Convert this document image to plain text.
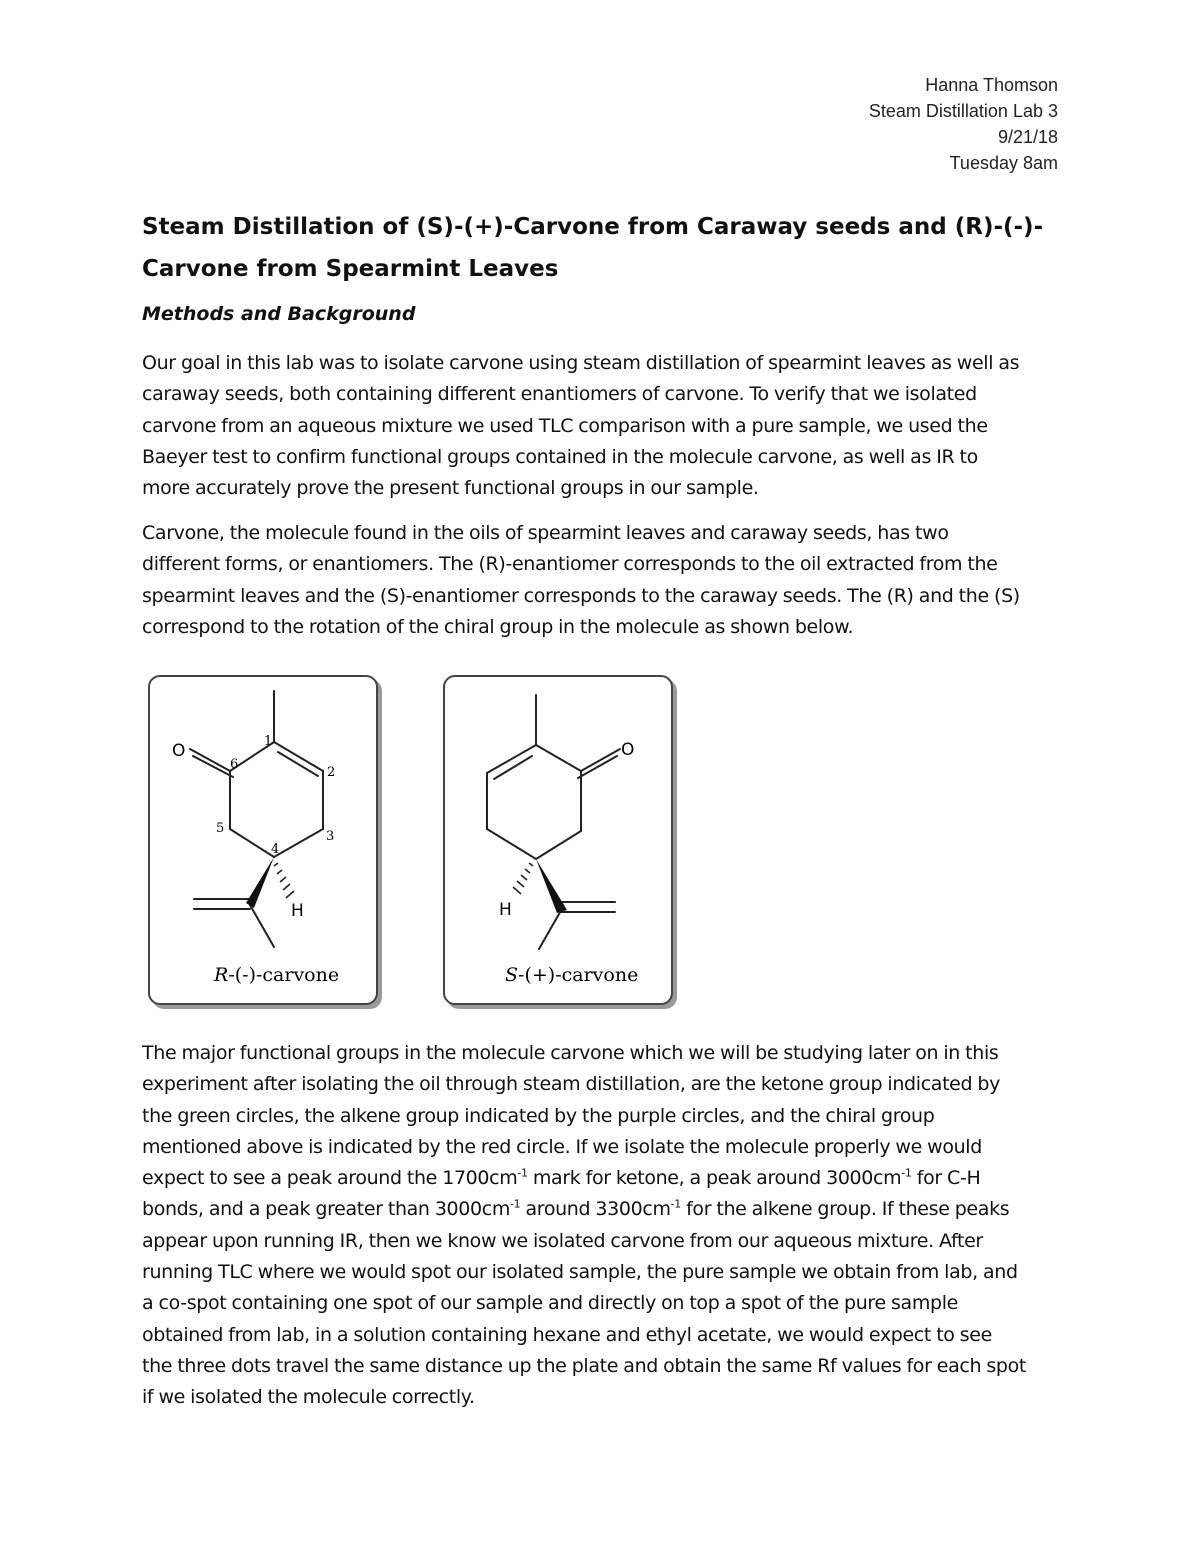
Hanna Thomson
Steam Distillation Lab 3
9/21/18
Tuesday 8am
Steam Distillation of (S)-(+)-Carvone from Caraway seeds and (R)-(-)-
Carvone from Spearmint Leaves
Methods and Background
Our goal in this lab was to isolate carvone using steam distillation of spearmint leaves as well as
caraway seeds, both containing different enantiomers of carvone. To verify that we isolated
carvone from an aqueous mixture we used TLC comparison with a pure sample, we used the
Baeyer test to confirm functional groups contained in the molecule carvone, as well as IR to
more accurately prove the present functional groups in our sample.
Carvone, the molecule found in the oils of spearmint leaves and caraway seeds, has two
different forms, or enantiomers. The (R)-enantiomer corresponds to the oil extracted from the
spearmint leaves and the (S)-enantiomer corresponds to the caraway seeds. The (R) and the (S)
correspond to the rotation of the chiral group in the molecule as shown below.
O
H
1
2
3
4
5
6
R-(-)-carvone
O
H
S-(+)-carvone
The major functional groups in the molecule carvone which we will be studying later on in this
experiment after isolating the oil through steam distillation, are the ketone group indicated by
the green circles, the alkene group indicated by the purple circles, and the chiral group
mentioned above is indicated by the red circle. If we isolate the molecule properly we would
expect to see a peak around the $1700cm^{-1}$ mark for ketone, a peak around $3000cm^{-1}$ for C-H
bonds, and a peak greater than $3000cm^{-1}$ around $3300cm^{-1}$ for the alkene group. If these peaks
appear upon running IR, then we know we isolated carvone from our aqueous mixture. After
running TLC where we would spot our isolated sample, the pure sample we obtain from lab, and
a co-spot containing one spot of our sample and directly on top a spot of the pure sample
obtained from lab, in a solution containing hexane and ethyl acetate, we would expect to see
the three dots travel the same distance up the plate and obtain the same Rf values for each spot
if we isolated the molecule correctly.
